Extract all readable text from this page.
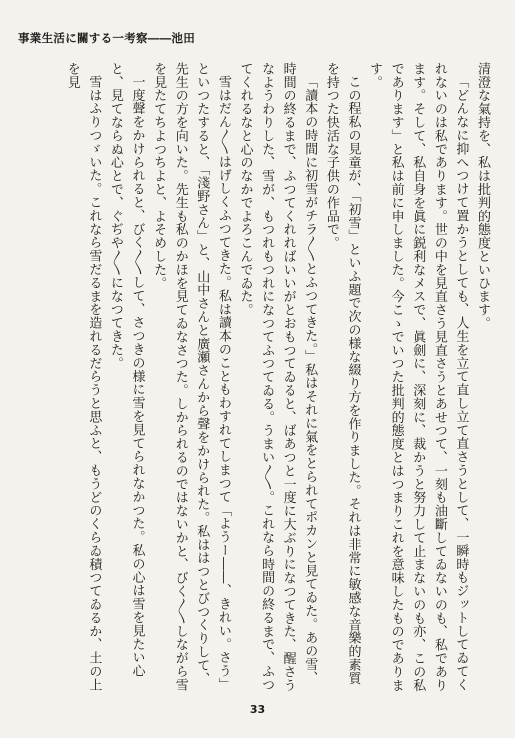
事業生活に關する一考察――池田

清澄な氣持を、私は批判的態度といひます。

「どんなに抑へつけて置かうとしても、人生を立て直し立て直さうとして、一瞬時もジットしてゐてくれないのは私であります。世の中を見直さう見直さうとあせつて、一刻も油斷してゐないのも、私であります。そして、私自身を眞に鋭利なメスで、眞劍に、深刻に、裁かうと努力して止まないのも亦、この私であります」と私は前に申しました。今こゝでいつた批判的態度とはつまりこれを意味したものであります。

この程私の見童が、「初雪」といふ題で次の様な綴り方を作りました。それは非常に敏感な音樂的素質を持つた快活な子供の作品で。

「讀本の時間に初雪がチラ〳〵とふつてきた。」私はそれに氣をとられてポカンと見てゐた。あの雪、時間の終るまで、ふつてくれればいいがとおもつてゐると、ばあつと一度に大ぶりになつてきた、醒さうなようわりした、雪が、もつれもつれになつてふつてゐる。うまい〳〵。これなら時間の終るまで、ふつてくれるなと心のなかでよろこんでゐた。

雪はだん〳〵はげしくふつてきた。私は讀本のこともわすれてしまつて「ようー――、きれい。さう」といつたすると、「淺野さん」と、山中さんと廣瀬さんから聲をかけられた。私ははつとびつくりして、先生の方を向いた。先生も私のかほを見てゐなさつた。しかられるのではないかと、びく〳〵しながら雪を見たてちよつちよと、よそめした。

一度聲をかけられると、びく〳〵して、さつきの様に雪を見てられなかつた。私の心は雪を見たい心と、見てならぬ心とで、ぐぢや〳〵になつてきた。

雪はふりつゞいた。これなら雪だるまを造れるだらうと思ふと、もうどのくらゐ積つてゐるか、土の上を見

33
